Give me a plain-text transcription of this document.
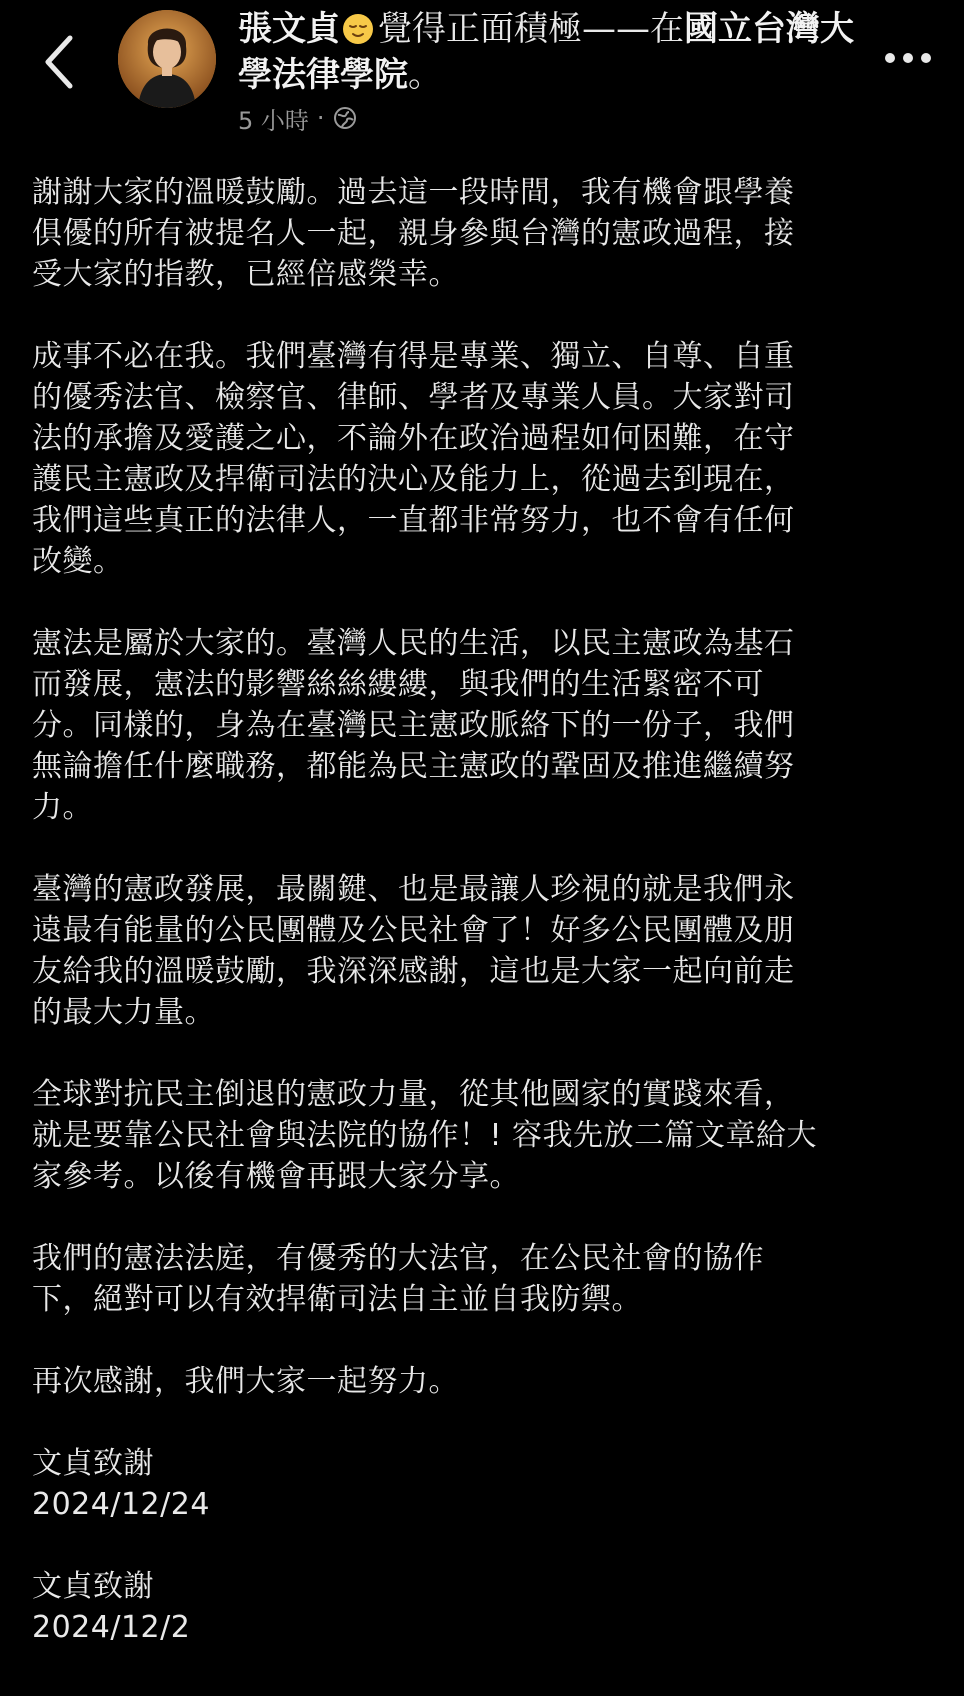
張文貞 覺得正面積極——在國立台灣大學法律學院。
5 小時 ·

謝謝大家的溫暖鼓勵。過去這一段時間，我有機會跟學養
俱優的所有被提名人一起，親身參與台灣的憲政過程，接
受大家的指教，已經倍感榮幸。

成事不必在我。我們臺灣有得是專業、獨立、自尊、自重
的優秀法官、檢察官、律師、學者及專業人員。大家對司
法的承擔及愛護之心，不論外在政治過程如何困難，在守
護民主憲政及捍衛司法的決心及能力上，從過去到現在，
我們這些真正的法律人，一直都非常努力，也不會有任何
改變。

憲法是屬於大家的。臺灣人民的生活，以民主憲政為基石
而發展，憲法的影響絲絲縷縷，與我們的生活緊密不可
分。同樣的，身為在臺灣民主憲政脈絡下的一份子，我們
無論擔任什麼職務，都能為民主憲政的鞏固及推進繼續努
力。

臺灣的憲政發展，最關鍵、也是最讓人珍視的就是我們永
遠最有能量的公民團體及公民社會了！好多公民團體及朋
友給我的溫暖鼓勵，我深深感謝，這也是大家一起向前走
的最大力量。

全球對抗民主倒退的憲政力量，從其他國家的實踐來看，
就是要靠公民社會與法院的協作！! 容我先放二篇文章給大
家參考。以後有機會再跟大家分享。

我們的憲法法庭，有優秀的大法官，在公民社會的協作
下，絕對可以有效捍衛司法自主並自我防禦。

再次感謝，我們大家一起努力。

文貞致謝
2024/12/24

文貞致謝
2024/12/2
